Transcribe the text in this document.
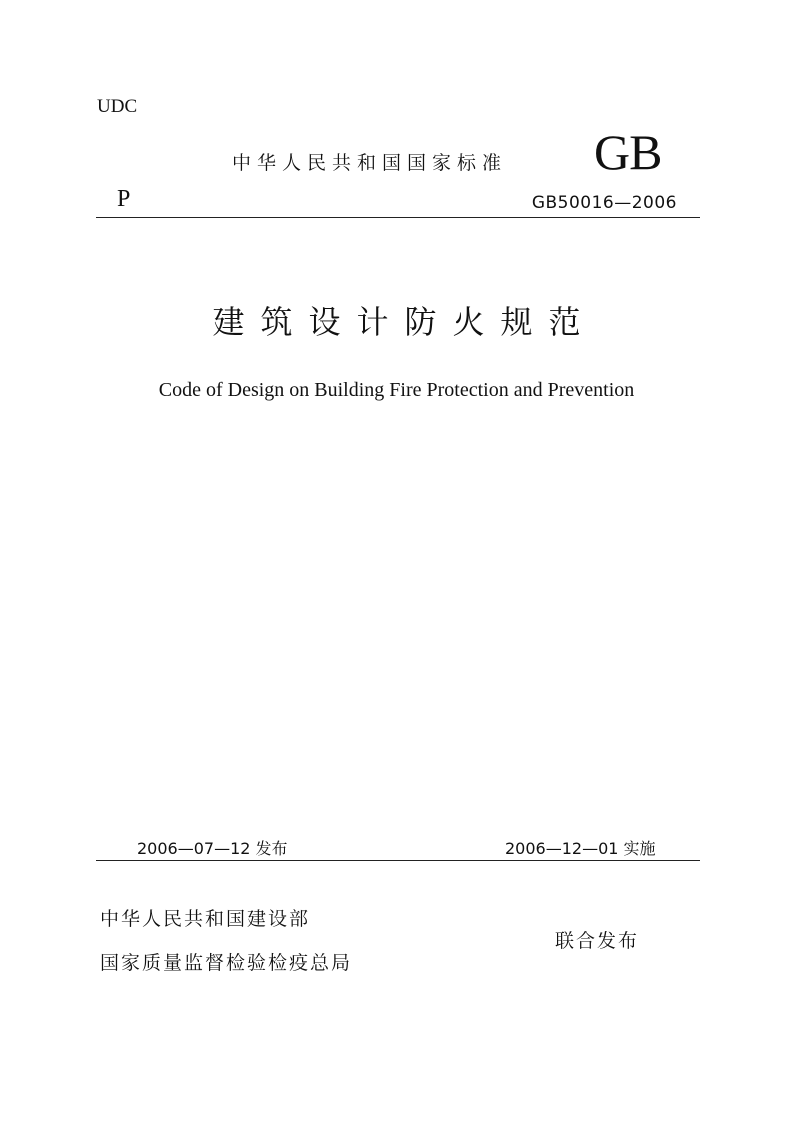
UDC
中华人民共和国国家标准 GB
P	GB50016—2006
建筑设计防火规范
Code of Design on Building Fire Protection and Prevention
2006—07—12 发布	2006—12—01 实施
中华人民共和国建设部
国家质量监督检验检疫总局
联合发布
